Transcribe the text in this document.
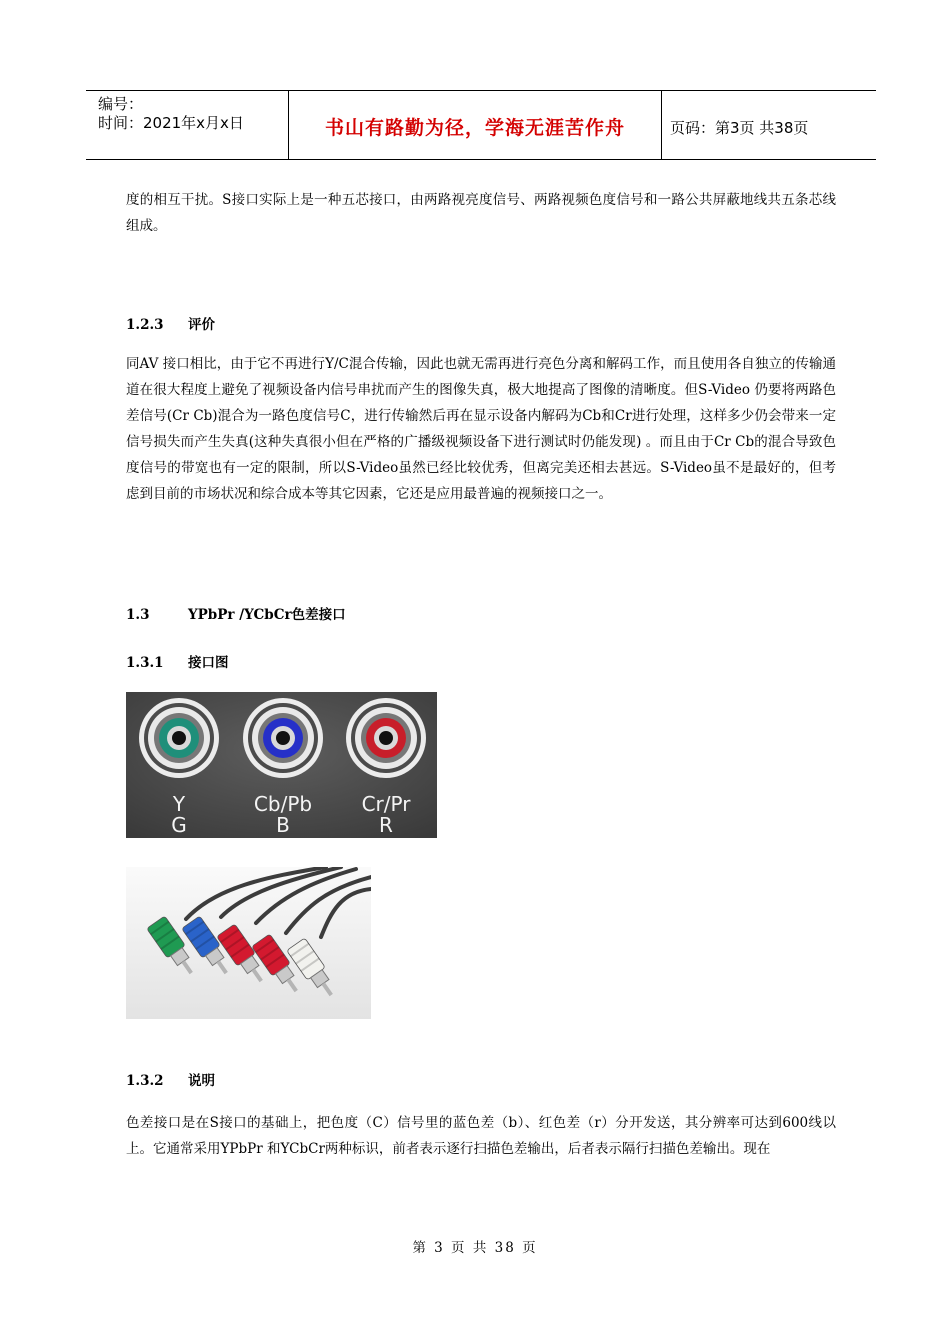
编号：
时间：2021年x月x日	书山有路勤为径，学海无涯苦作舟	页码：第3页 共38页

度的相互干扰。S接口实际上是一种五芯接口，由两路视亮度信号、两路视频色度信号和一路公共屏蔽地线共五条芯线组成。

1.2.3 评价

同AV 接口相比，由于它不再进行Y/C混合传输，因此也就无需再进行亮色分离和解码工作，而且使用各自独立的传输通道在很大程度上避免了视频设备内信号串扰而产生的图像失真，极大地提高了图像的清晰度。但S-Video 仍要将两路色差信号(Cr Cb)混合为一路色度信号C，进行传输然后再在显示设备内解码为Cb和Cr进行处理，这样多少仍会带来一定信号损失而产生失真(这种失真很小但在严格的广播级视频设备下进行测试时仍能发现) 。而且由于Cr Cb的混合导致色度信号的带宽也有一定的限制，所以S-Video虽然已经比较优秀，但离完美还相去甚远。S-Video虽不是最好的，但考虑到目前的市场状况和综合成本等其它因素，它还是应用最普遍的视频接口之一。

1.3	YPbPr /YCbCr色差接口

1.3.1 接口图

Y
G
Cb/Pb
B
Cr/Pr
R

1.3.2 说明

色差接口是在S接口的基础上，把色度（C）信号里的蓝色差（b）、红色差（r）分开发送，其分辨率可达到600线以上。它通常采用YPbPr 和YCbCr两种标识，前者表示逐行扫描色差输出，后者表示隔行扫描色差输出。现在

第 3 页 共 38 页
